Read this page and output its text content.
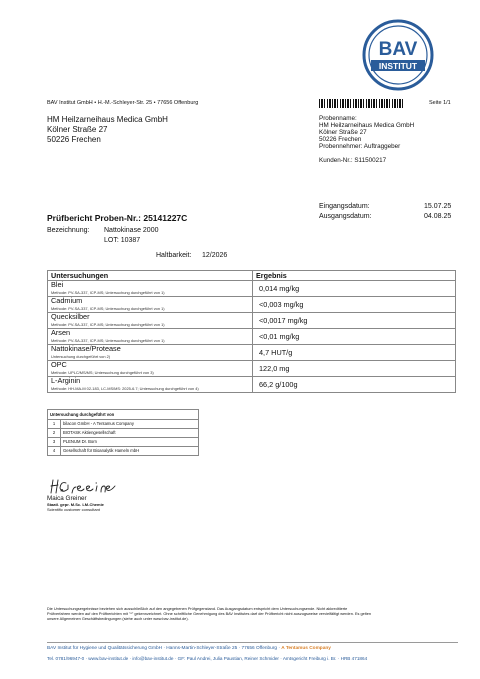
BAV
INSTITUT
BAV Institut GmbH • H.-M.-Schleyer-Str. 25 • 77656 Offenburg	Seite 1/1
HM Heilzarneihaus Medica GmbH
Kölner Straße 27
50226 Frechen
Probenname:
HM Heilzarneihaus Medica GmbH
Kölner Straße 27
50226 Frechen
Probennehmer: Auftraggeber
Kunden-Nr.: S11500217
Eingangsdatum:	15.07.25
Ausgangsdatum:	04.08.25
Prüfbericht Proben-Nr.: 25141227C
Bezeichnung: Nattokinase 2000
LOT: 10387
Haltbarkeit: 12/2026
Untersuchungen	Ergebnis

Blei
Methode: PV-SA-337, ICP-MS; Untersuchung durchgeführt von 1)	0,014 mg/kg

Cadmium
Methode: PV-SA-337, ICP-MS; Untersuchung durchgeführt von 1)	<0,003 mg/kg

Quecksilber
Methode: PV-SA-337, ICP-MS; Untersuchung durchgeführt von 1)	<0,0017 mg/kg

Arsen
Methode: PV-SA-337, ICP-MS; Untersuchung durchgeführt von 1)	<0,01 mg/kg

Nattokinase/Protease
Untersuchung durchgeführt von 2)	4,7 HUT/g

OPC
Methode: UPLC/MS/MS; Untersuchung durchgeführt von 3)	122,0 mg

L-Arginin
Methode: HH-MA-M 02-183, LC-MS/MS: 2025-6.7; Untersuchung durchgeführt von 4)	66,2 g/100g
Untersuchung durchgeführt von	
1	bilacon GmbH - A Tentamus Company
2	BIOTASK Aktiengesellschaft
3	PLENUM Dr. Born
4	Gesellschaft für Bioanalytik Hameln mbH
Maica Greiner
Staatl. gepr. M.Sc. LM-Chemie
Scientific customer consultant
Die Untersuchungsergebnisse beziehen sich ausschließlich auf den angegebenen Prüfgegenstand. Das Ausgangsdatum entspricht dem Untersuchungsende. Nicht akkreditierte
Prüfverfahren werden auf den Prüfberichten mit "*" gekennzeichnet. Ohne schriftliche Genehmigung des BAV Institutes darf der Prüfbericht nicht auszugsweise vervielfältigt werden. Es gelten
unsere Allgemeinen Geschäftsbedingungen (siehe auch unter www.bav-institut.de).
BAV Institut für Hygiene und Qualitätssicherung GmbH · Hanns-Martin-Schleyer-Straße 25 · 77656 Offenburg · A Tentamus Company
Tel. 0781/96947-0 · www.bav-institut.de · info@bav-institut.de · GF: Paul Andrei, Julia Paustian, Reiner Schmider · Amtsgericht Freiburg i. Br. · HRB 471864
